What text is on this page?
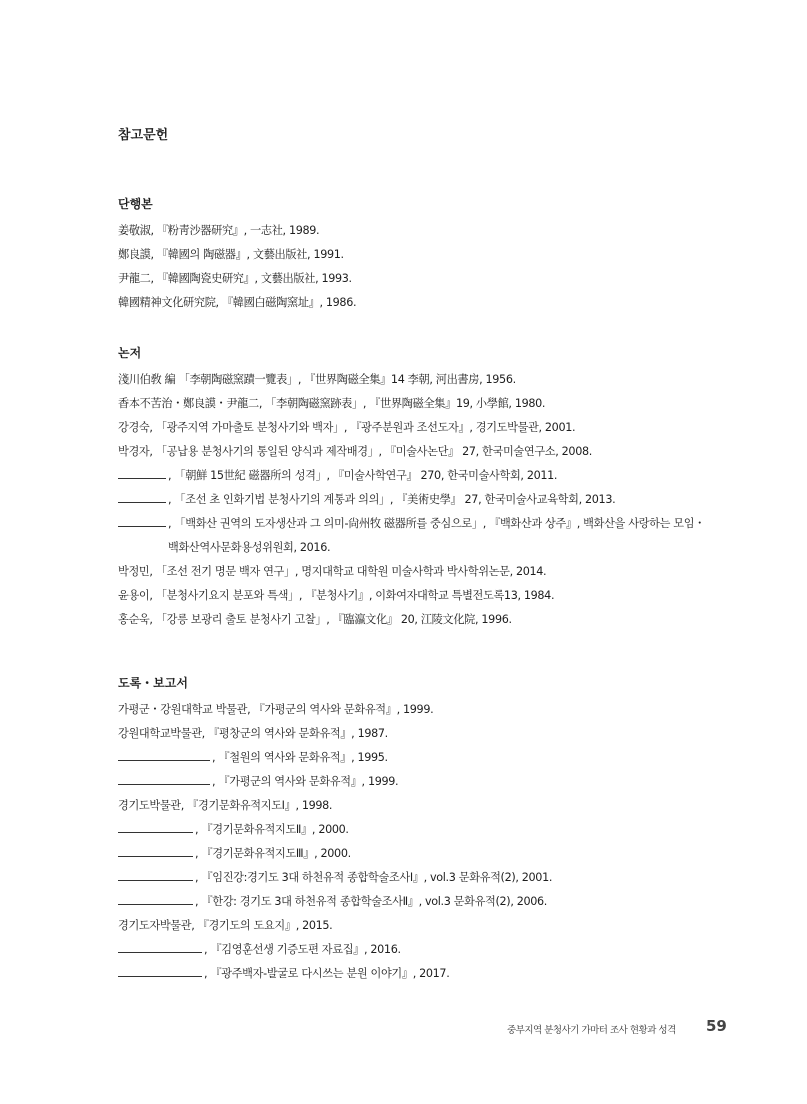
참고문헌
단행본
姜敬淑, 『粉靑沙器研究』, 一志社, 1989.
鄭良謨, 『韓國의 陶磁器』, 文藝出版社, 1991.
尹龍二, 『韓國陶瓷史研究』, 文藝出版社, 1993.
韓國精神文化研究院, 『韓國白磁陶窯址』, 1986.
논저
淺川伯敎 編 「李朝陶磁窯蹟一覽表」, 『世界陶磁全集』14 李朝, 河出書房, 1956.
香本不苦治・鄭良謨・尹龍二, 「李朝陶磁窯跡表」, 『世界陶磁全集』19, 小學館, 1980.
강경숙, 「광주지역 가마출토 분청사기와 백자」, 『광주분원과 조선도자』, 경기도박물관, 2001.
박경자, 「공납용 분청사기의 통일된 양식과 제작배경」, 『미술사논단』 27, 한국미술연구소, 2008.
, 「朝鮮 15世紀 磁器所의 성격」, 『미술사학연구』 270, 한국미술사학회, 2011.
, 「조선 초 인화기법 분청사기의 계통과 의의」, 『美術史學』 27, 한국미술사교육학회, 2013.
, 「백화산 권역의 도자생산과 그 의미-尙州牧 磁器所를 중심으로」, 『백화산과 상주』, 백화산을 사랑하는 모임・
백화산역사문화용성위원회, 2016.
박정민, 「조선 전기 명문 백자 연구」, 명지대학교 대학원 미술사학과 박사학위논문, 2014.
윤용이, 「분청사기요지 분포와 특색」, 『분청사기』, 이화여자대학교 특별전도록13, 1984.
홍순욱, 「강릉 보광리 출토 분청사기 고찰」, 『臨瀛文化』 20, 江陵文化院, 1996.
도록・보고서
가평군・강원대학교 박물관, 『가평군의 역사와 문화유적』, 1999.
강원대학교박물관, 『평창군의 역사와 문화유적』, 1987.
, 『철원의 역사와 문화유적』, 1995.
, 『가평군의 역사와 문화유적』, 1999.
경기도박물관, 『경기문화유적지도Ⅰ』, 1998.
, 『경기문화유적지도Ⅱ』, 2000.
, 『경기문화유적지도Ⅲ』, 2000.
, 『임진강:경기도 3대 하천유적 종합학술조사Ⅰ』, vol.3 문화유적(2), 2001.
, 『한강: 경기도 3대 하천유적 종합학술조사Ⅱ』, vol.3 문화유적(2), 2006.
경기도자박물관, 『경기도의 도요지』, 2015.
, 『김영훈선생 기증도편 자료집』, 2016.
, 『광주백자-발굴로 다시쓰는 분원 이야기』, 2017.
중부지역 분청사기 가마터 조사 현황과 성격 59
